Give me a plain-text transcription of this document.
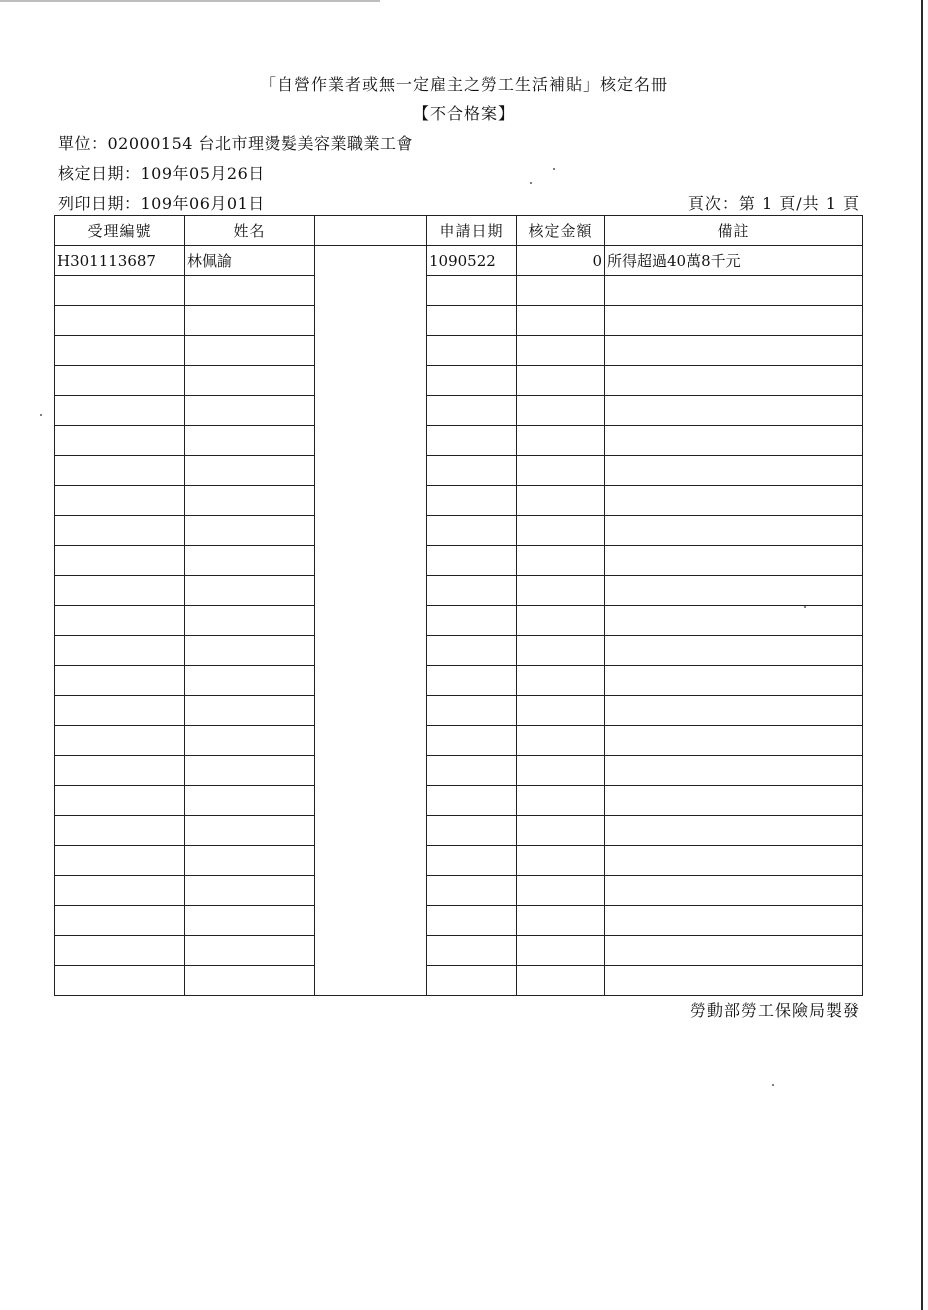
「自營作業者或無一定雇主之勞工生活補貼」核定名冊
【不合格案】
單位：02000154 台北市理燙髮美容業職業工會
核定日期：109年05月26日
列印日期：109年06月01日	頁次：第 1 頁/共 1 頁
受理編號	姓名		申請日期	核定金額	備註
H301113687	林佩諭		1090522	0	所得超過40萬8千元

勞動部勞工保險局製發
